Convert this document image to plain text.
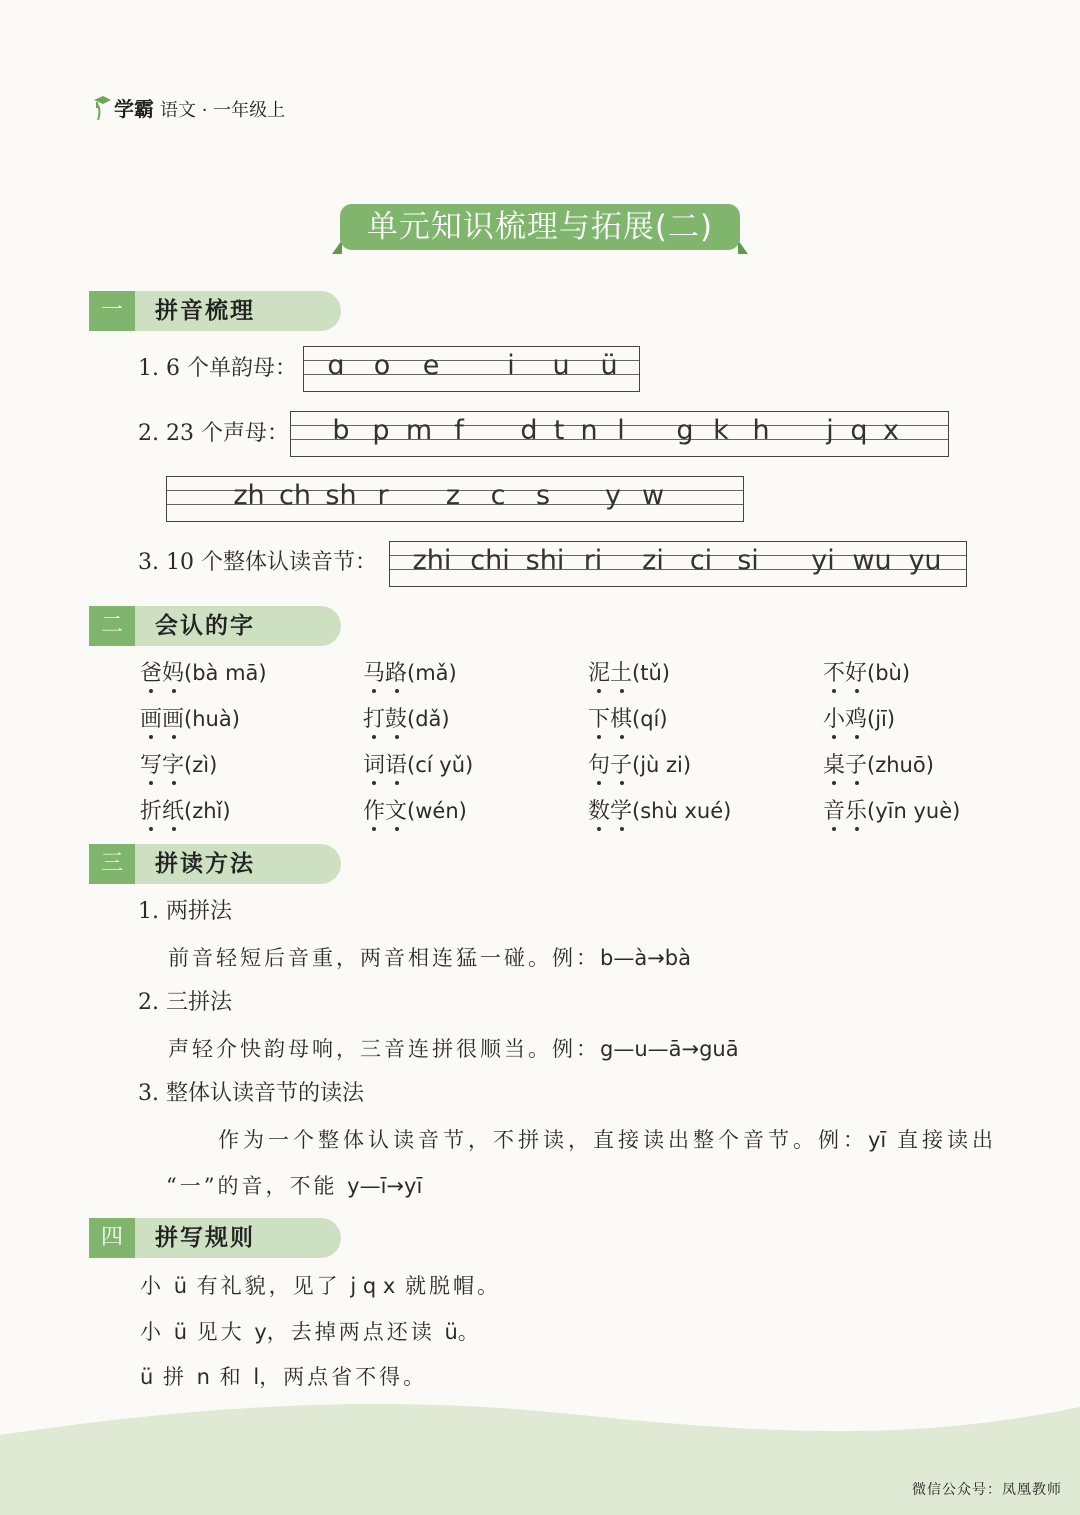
学霸 语文 · 一年级上
单元知识梳理与拓展(二)
一	拼音梳理
1. 6 个单韵母： ɑ o e	i u ü
2. 23 个声母： b p m f d t n l g k h j q x
zh ch sh r z c s y w
3. 10 个整体认读音节： zhi chi shi ri zi ci si yi wu yu
二	会认的字
爸妈(bà mā)	马路(mǎ)	泥土(tǔ)	不好(bù)
画画(huà)	打鼓(dǎ)	下棋(qí)	小鸡(jī)
写字(zì)	词语(cí yǔ)	句子(jù zi)	桌子(zhuō)
折纸(zhǐ)	作文(wén)	数学(shù xué)	音乐(yīn yuè)
三	拼读方法
1. 两拼法
前音轻短后音重，两音相连猛一碰。例：b—à→bà
2. 三拼法
声轻介快韵母响，三音连拼很顺当。例：g—u—ā→guā
3. 整体认读音节的读法
作为一个整体认读音节，不拼读，直接读出整个音节。例：yī 直接读出
“一”的音，不能 y—ī→yī
四	拼写规则
小 ü 有礼貌，见了 j q x 就脱帽。
小 ü 见大 y，去掉两点还读 ü。
ü 拼 n 和 l，两点省不得。
微信公众号：凤凰教师
